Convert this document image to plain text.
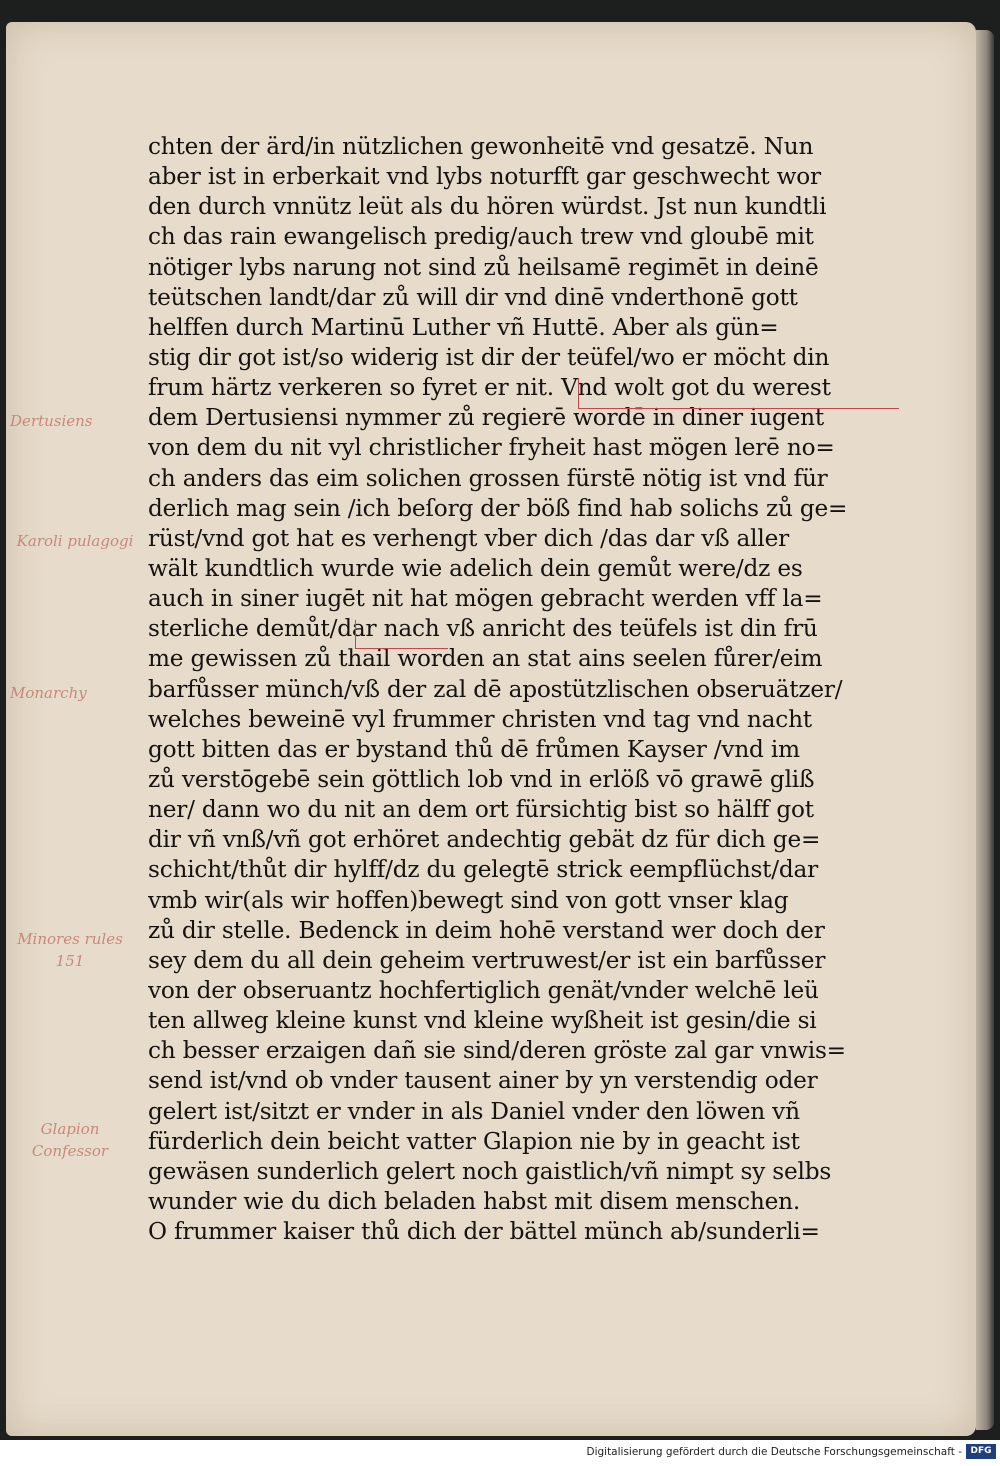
chten der ärd/in nützlichen gewonheitē vnd gesatzē. Nun
aber ist in erberkait vnd lybs noturfft gar geschwecht wor
den durch vnnütz leüt als du hören würdst. Jst nun kundtli
ch das rain ewangelisch predig/auch trew vnd gloubē mit
nötiger lybs narung not sind zů heilsamē regimēt in deinē
teütschen landt/dar zů will dir vnd dinē vnderthonē gott
helffen durch Martinū Luther vñ Huttē. Aber als gün=
stig dir got ist/so widerig ist dir der teüfel/wo er möcht din
frum härtz verkeren so fyret er nit. Vnd wolt got du werest
dem Dertusiensi nymmer zů regierē wordē in diner iugent
von dem du nit vyl christlicher fryheit hast mögen lerē no=
ch anders das eim solichen grossen fürstē nötig ist vnd für
derlich mag sein /ich beſorg der böß find hab solichs zů ge=
rüst/vnd got hat es verhengt vber dich /das dar vß aller
wält kundtlich wurde wie adelich dein gemůt were/dz es
auch in siner iugēt nit hat mögen gebracht werden vff la=
sterliche demůt/dar nach vß anricht des teüfels ist din frū
me gewissen zů thail worden an stat ains seelen fůrer/eim
barfůsser münch/vß der zal dē apostützlischen obseruätzer/
welches beweinē vyl frummer christen vnd tag vnd nacht
gott bitten das er bystand thů dē frůmen Kayser /vnd im
zů verstōgebē sein göttlich lob vnd in erlöß vō grawē gliß
ner/ dann wo du nit an dem ort fürsichtig bist so hälff got
dir vñ vnß/vñ got erhöret andechtig gebät dz für dich ge=
schicht/thůt dir hylff/dz du gelegtē strick eempflüchst/dar
vmb wir(als wir hoffen)bewegt sind von gott vnser klag
zů dir stelle. Bedenck in deim hohē verstand wer doch der
sey dem du all dein geheim vertruwest/er ist ein barfůsser
von der obseruantz hochfertiglich genät/vnder welchē leü
ten allweg kleine kunst vnd kleine wyßheit ist gesin/die si
ch besser erzaigen dañ sie sind/deren gröste zal gar vnwis=
send ist/vnd ob vnder tausent ainer by yn verstendig oder
gelert ist/sitzt er vnder in als Daniel vnder den löwen vñ
fürderlich dein beicht vatter Glapion nie by in geacht ist
gewäsen sunderlich gelert noch gaistlich/vñ nimpt sy selbs
wunder wie du dich beladen habst mit disem menschen.
O frummer kaiser thů dich der bättel münch ab/sunderli=
Dertusiens
Karoli pulagogi
Monarchy
Minores rules 151
Glapion Confessor
Digitalisierung gefördert durch die Deutsche Forschungsgemeinschaft - DFG
